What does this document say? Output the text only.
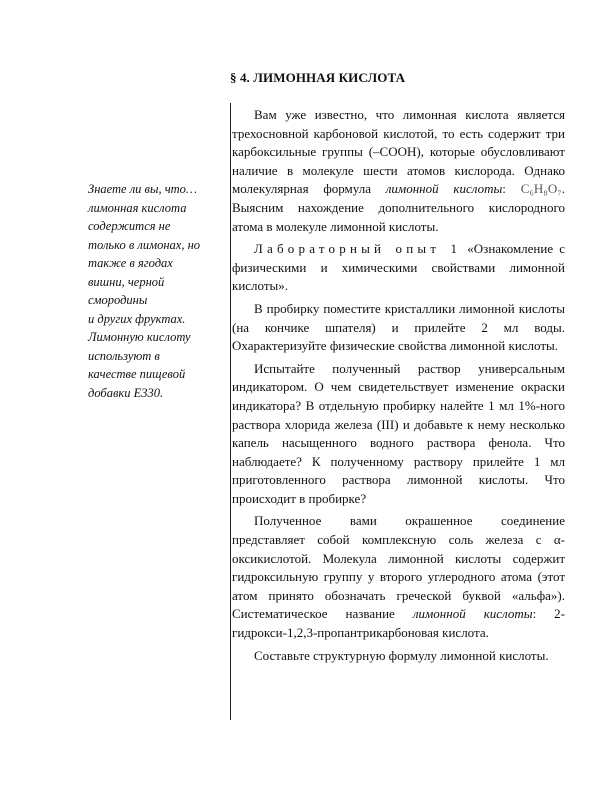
§ 4. ЛИМОННАЯ КИСЛОТА
Знаете ли вы, что…
лимонная кислота
содержится не
только в лимонах, но
также в ягодах
вишни, черной
смородины
и других фруктах.
Лимонную кислоту
используют в
качестве пищевой
добавки Е330.

Вам уже известно, что лимонная кислота является трехосновной карбоновой кислотой, то есть содержит три карбоксильные группы (–СООН), которые обусловливают наличие в молекуле шести атомов кислорода. Однако молекулярная формула лимонной кислоты: C₆H₈O₇. Выясним нахождение дополнительного кислородного атома в молекуле лимонной кислоты.

Лабораторный опыт 1 «Ознакомление с физическими и химическими свойствами лимонной кислоты».

В пробирку поместите кристаллики лимонной кислоты (на кончике шпателя) и прилейте 2 мл воды. Охарактеризуйте физические свойства лимонной кислоты.

Испытайте полученный раствор универсальным индикатором. О чем свидетельствует изменение окраски индикатора? В отдельную пробирку налейте 1 мл 1%-ного раствора хлорида железа (III) и добавьте к нему несколько капель насыщенного водного раствора фенола. Что наблюдаете? К полученному раствору прилейте 1 мл приготовленного раствора лимонной кислоты. Что происходит в пробирке?

Полученное вами окрашенное соединение представляет собой комплексную соль железа с α-оксикислотой. Молекула лимонной кислоты содержит гидроксильную группу у второго углеродного атома (этот атом принято обозначать греческой буквой «альфа»). Систематическое название лимонной кислоты: 2-гидрокси-1,2,3-пропантрикарбоновая кислота.

Составьте структурную формулу лимонной кислоты.
